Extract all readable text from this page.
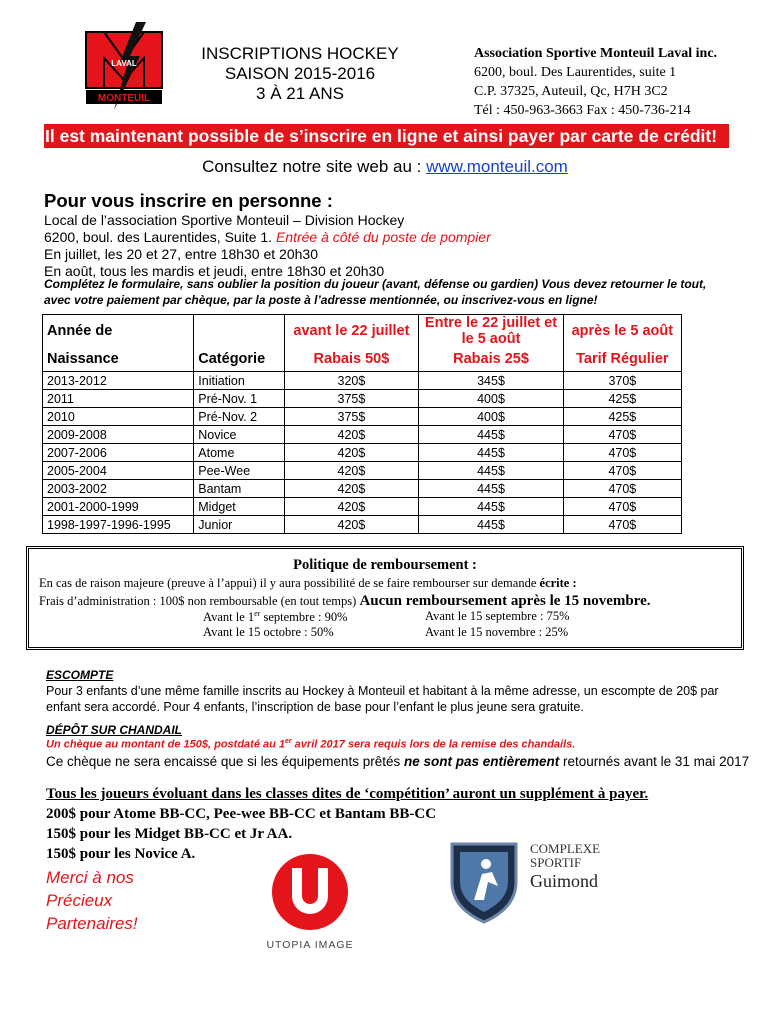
LAVAL
MONTEUIL
INSCRIPTIONS HOCKEY
SAISON 2015-2016
3 À 21 ANS
Association Sportive Monteuil Laval inc.
6200, boul. Des Laurentides, suite 1
C.P. 37325, Auteuil, Qc, H7H 3C2
Tél : 450-963-3663 Fax : 450-736-214
Il est maintenant possible de s’inscrire en ligne et ainsi payer par carte de crédit!
Consultez notre site web au : www.monteuil.com
Pour vous inscrire en personne :
Local de l’association Sportive Monteuil – Division Hockey
6200, boul. des Laurentides, Suite 1. Entrée à côté du poste de pompier
En juillet, les 20 et 27, entre 18h30 et 20h30
En août, tous les mardis et jeudi, entre 18h30 et 20h30
Complétez le formulaire, sans oublier la position du joueur (avant, défense ou gardien) Vous devez retourner le tout, avec votre paiement par chèque, par la poste à l’adresse mentionnée, ou inscrivez-vous en ligne!
Année de		avant le 22 juillet	Entre le 22 juillet et le 5 août	après le 5 août
Naissance	Catégorie	Rabais 50$	Rabais 25$	Tarif Régulier
2013-2012	Initiation	320$	345$	370$
2011	Pré-Nov. 1	375$	400$	425$
2010	Pré-Nov. 2	375$	400$	425$
2009-2008	Novice	420$	445$	470$
2007-2006	Atome	420$	445$	470$
2005-2004	Pee-Wee	420$	445$	470$
2003-2002	Bantam	420$	445$	470$
2001-2000-1999	Midget	420$	445$	470$
1998-1997-1996-1995	Junior	420$	445$	470$
Politique de remboursement :
En cas de raison majeure (preuve à l’appui) il y aura possibilité de se faire rembourser sur demande écrite :
Frais d’administration : 100$ non remboursable (en tout temps) Aucun remboursement après le 15 novembre.
Avant le 1er septembre : 90%	Avant le 15 septembre : 75%
Avant le 15 octobre : 50%	Avant le 15 novembre : 25%
ESCOMPTE
Pour 3 enfants d’une même famille inscrits au Hockey à Monteuil et habitant à la même adresse, un escompte de 20$ par enfant sera accordé. Pour 4 enfants, l’inscription de base pour l’enfant le plus jeune sera gratuite.
DÉPÔT SUR CHANDAIL
Un chèque au montant de 150$, postdaté au 1er avril 2017 sera requis lors de la remise des chandails.
Ce chèque ne sera encaissé que si les équipements prêtés ne sont pas entièrement retournés avant le 31 mai 2017
Tous les joueurs évoluant dans les classes dites de ‘compétition’ auront un supplément à payer.
200$ pour Atome BB-CC, Pee-wee BB-CC et Bantam BB-CC
150$ pour les Midget BB-CC et Jr AA.
150$ pour les Novice A.
Merci à nos
Précieux
Partenaires!
UTOPIA IMAGE
COMPLEXE
SPORTIF
Guimond
